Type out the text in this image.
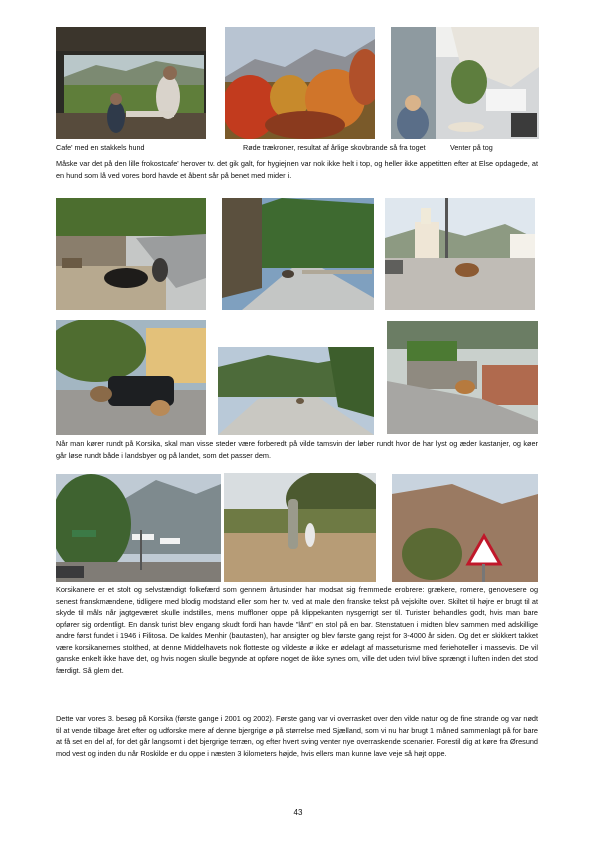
Cafe' med en stakkels hund	Røde trækroner, resultat af årlige skovbrande så fra toget	Venter på tog
Måske var det på den lille frokostcafe' herover tv. det gik galt, for hygiejnen var nok ikke helt i top, og heller ikke appetitten efter at Else opdagede, at en hund som lå ved vores bord havde et åbent sår på benet med mider i.
Når man kører rundt på Korsika, skal man visse steder være forberedt på vilde tamsvin der løber rundt hvor de har lyst og æder kastanjer, og køer går løse rundt både i landsbyer og på landet, som det passer dem.
Korsikanere er et stolt og selvstændigt folkefærd som gennem årtusinder har modsat sig fremmede erobrere: grækere, romere, genovesere og senest franskmændene, tidligere med blodig modstand eller som her tv. ved at male den franske tekst på vejskilte over. Skiltet til højre er brugt til at skyde til måls når jagtgeværet skulle indstilles, mens muffloner oppe på klippekanten nysgerrigt ser til. Turister behandles godt, hvis man bare opfører sig ordentligt. En dansk turist blev engang skudt fordi han havde "lånt" en stol på en bar. Stenstatuen i midten blev sammen med adskillige andre først fundet i 1946 i Filitosa. De kaldes Menhir (bautasten), har ansigter og blev første gang rejst for 3-4000 år siden. Og det er skikkert takket være korsikanernes stolthed, at denne Middelhavets nok flotteste og vildeste ø ikke er ødelagt af masseturisme med feriehoteller i massevis. De vil ganske enkelt ikke have det, og hvis nogen skulle begynde at opføre noget de ikke synes om, ville det uden tvivl blive sprængt i luften inden det stod færdigt. Så glem det.
Dette var vores 3. besøg på Korsika (første gange i 2001 og 2002). Første gang var vi overrasket over den vilde natur og de fine strande og var nødt til at vende tilbage året efter og udforske mere af denne bjergrige ø på størrelse med Sjælland, som vi nu har brugt 1 måned sammenlagt på for bare at få set en del af, for det går langsomt i det bjergrige terræn, og efter hvert sving venter nye overraskende scenarier. Forestil dig at køre fra Øresund mod vest og inden du når Roskilde er du oppe i næsten 3 kilometers højde, hvis ellers man kunne lave veje så højt oppe.
43
